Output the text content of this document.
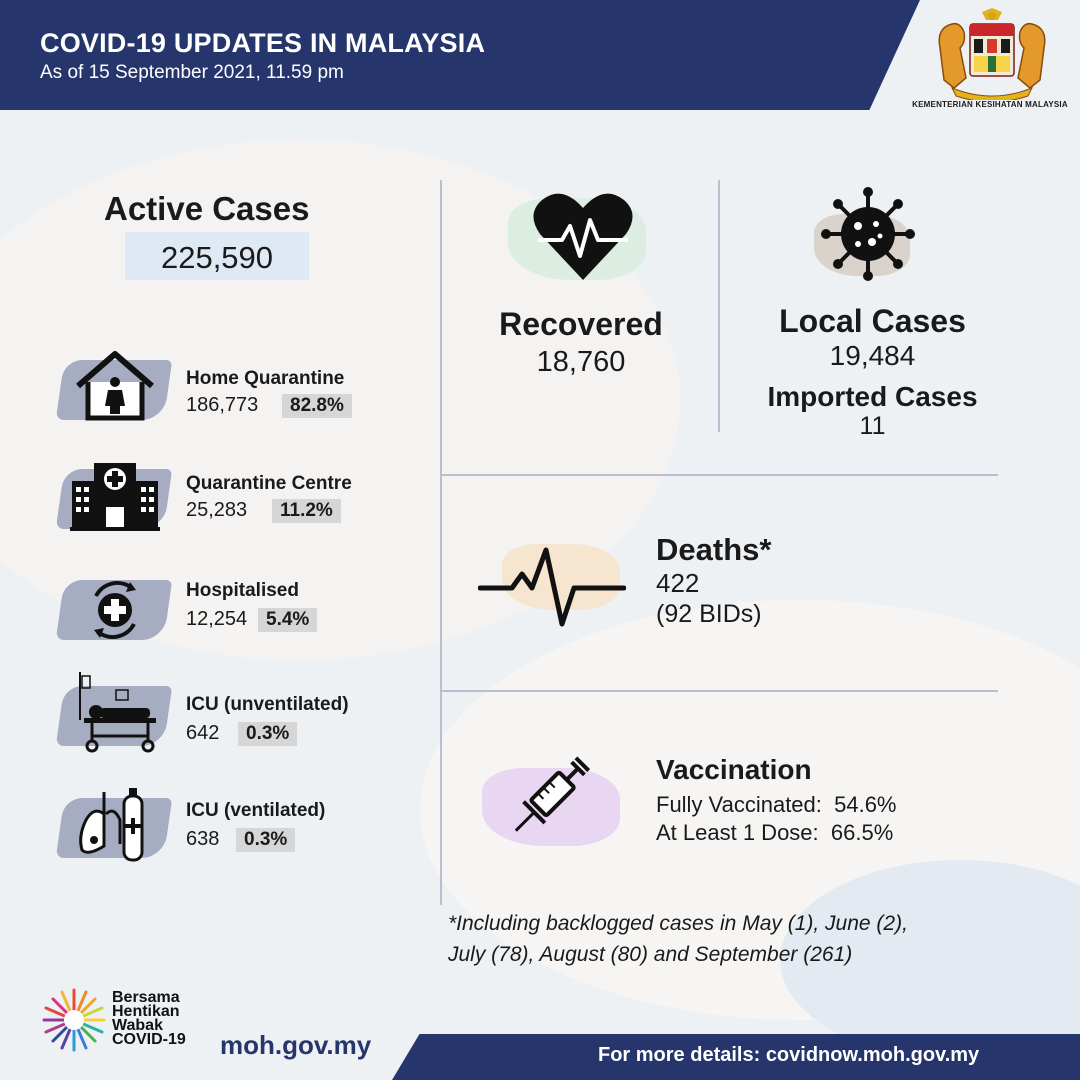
COVID-19 UPDATES IN MALAYSIA
As of 15 September 2021, 11.59 pm
KEMENTERIAN KESIHATAN MALAYSIA
Active Cases
225,590
Home Quarantine
186,773	82.8%
Quarantine Centre
25,283	11.2%
Hospitalised
12,254 5.4%
ICU (unventilated)
642	0.3%
ICU (ventilated)
638	0.3%
Recovered
18,760
Local Cases
19,484
Imported Cases
11
Deaths*
422
(92 BIDs)
Vaccination
Fully Vaccinated:  54.6%
At Least 1 Dose:  66.5%
*Including backlogged cases in May (1), June (2),
July (78), August (80) and September (261)
Bersama
Hentikan
Wabak
COVID-19 moh.gov.my	For more details: covidnow.moh.gov.my
